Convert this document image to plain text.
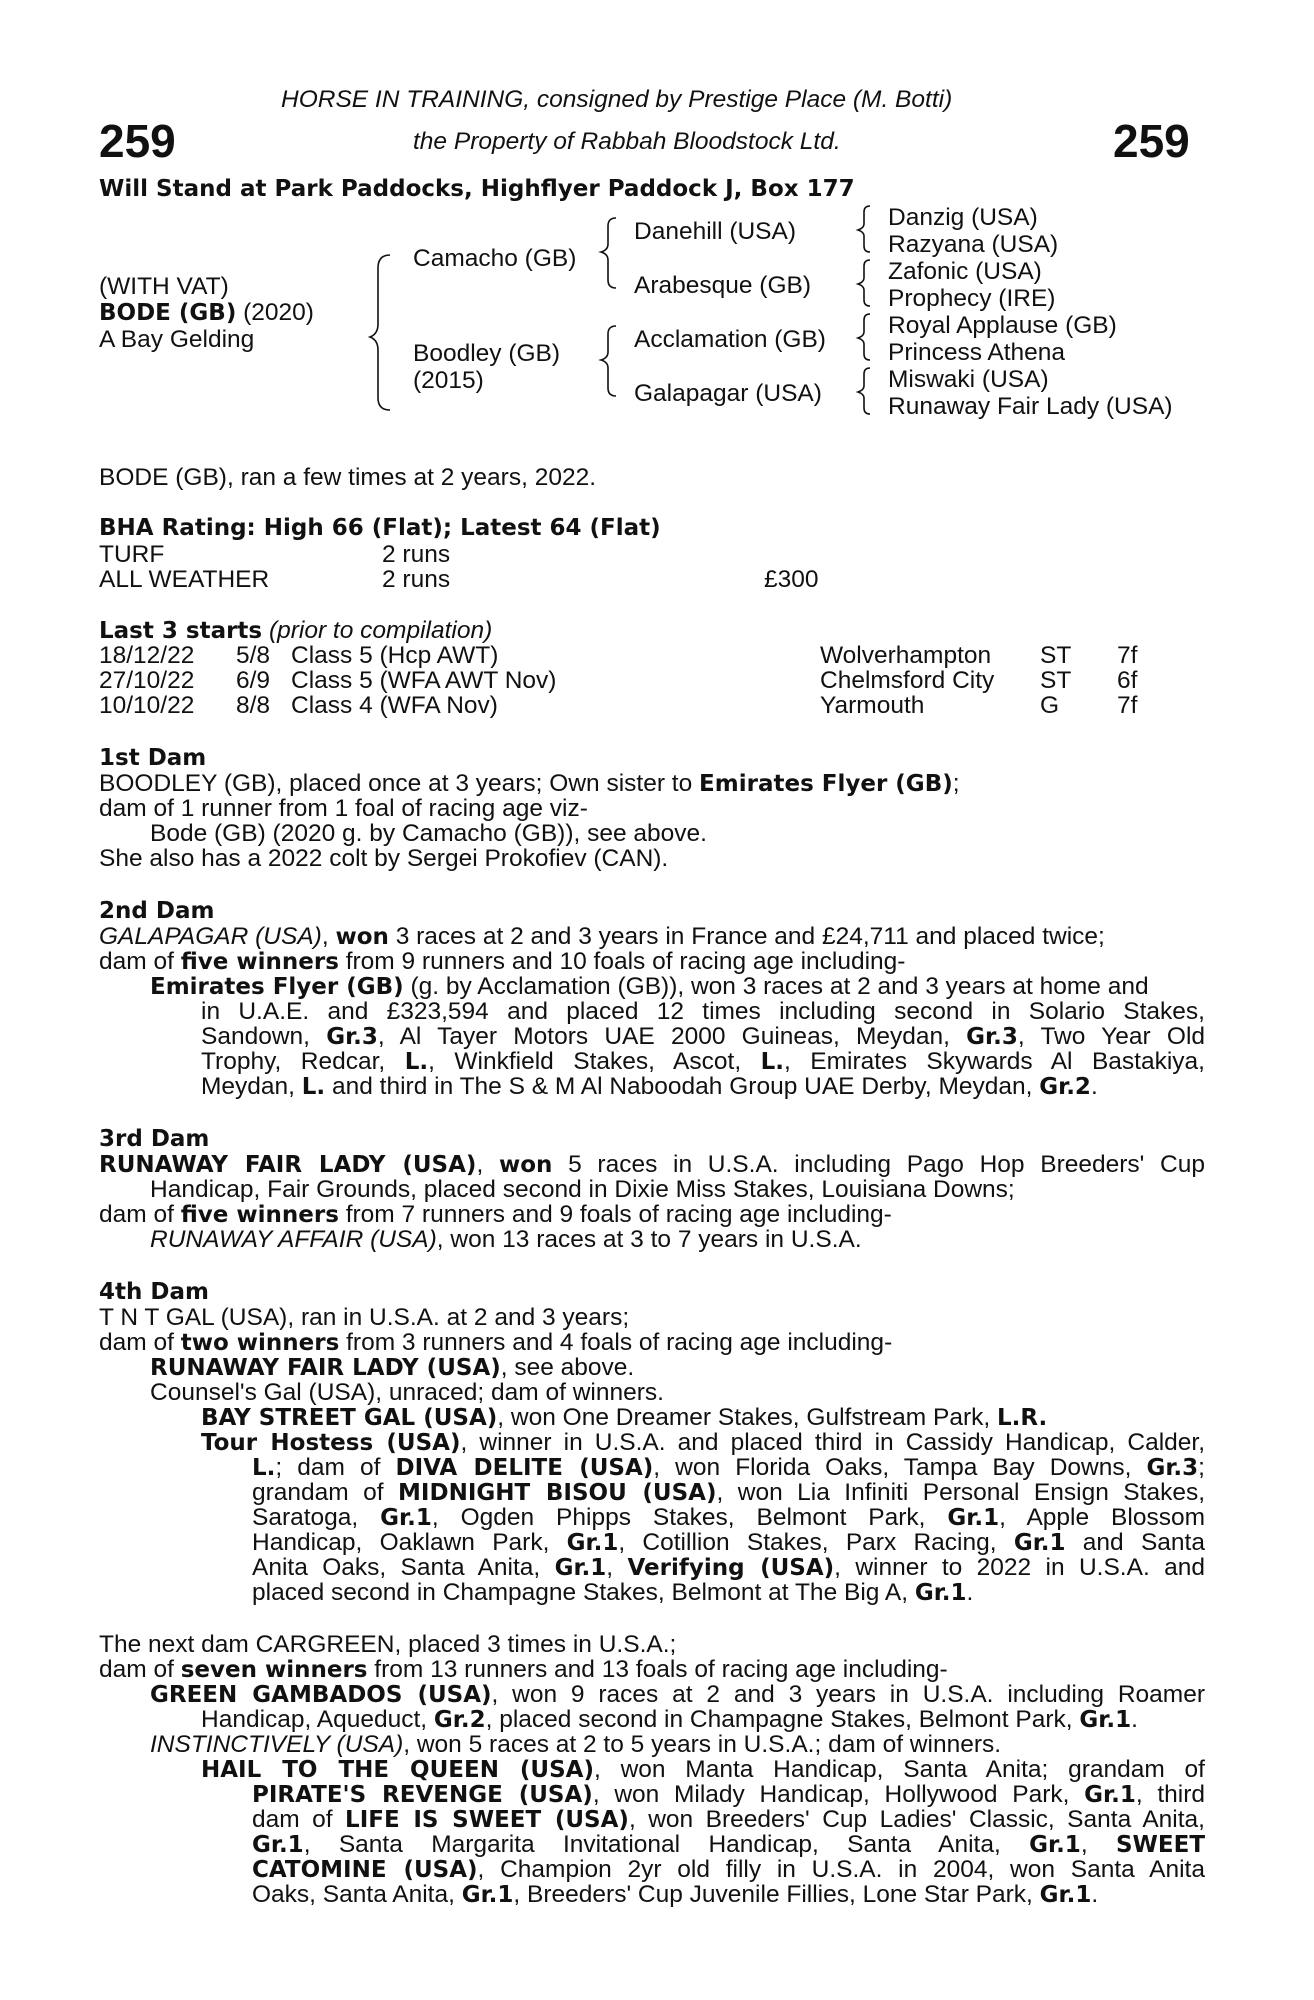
259	259
HORSE IN TRAINING, consigned by Prestige Place (M. Botti)
the Property of Rabbah Bloodstock Ltd.
Will Stand at Park Paddocks, Highflyer Paddock J, Box 177
(WITH VAT)
BODE (GB) (2020)
A Bay Gelding
Camacho (GB)
Boodley (GB)
(2015)
Danehill (USA)
Arabesque (GB)
Acclamation (GB)
Galapagar (USA)
Danzig (USA)
Razyana (USA)
Zafonic (USA)
Prophecy (IRE)
Royal Applause (GB)
Princess Athena
Miswaki (USA)
Runaway Fair Lady (USA)
BODE (GB), ran a few times at 2 years, 2022.
BHA Rating: High 66 (Flat); Latest 64 (Flat)
TURF	2 runs
ALL WEATHER	2 runs	£300
Last 3 starts (prior to compilation)
18/12/22 5/8 Class 5 (Hcp AWT)	Wolverhampton ST 7f
27/10/22 6/9 Class 5 (WFA AWT Nov)	Chelmsford City ST 6f
10/10/22 8/8 Class 4 (WFA Nov)	Yarmouth	G 7f
1st Dam
BOODLEY (GB), placed once at 3 years; Own sister to Emirates Flyer (GB);
dam of 1 runner from 1 foal of racing age viz-
Bode (GB) (2020 g. by Camacho (GB)), see above.
She also has a 2022 colt by Sergei Prokofiev (CAN).
2nd Dam
GALAPAGAR (USA), won 3 races at 2 and 3 years in France and £24,711 and placed twice;
dam of five winners from 9 runners and 10 foals of racing age including-
Emirates Flyer (GB) (g. by Acclamation (GB)), won 3 races at 2 and 3 years at home and
in U.A.E. and £323,594 and placed 12 times including second in Solario Stakes,
Sandown, Gr.3, Al Tayer Motors UAE 2000 Guineas, Meydan, Gr.3, Two Year Old
Trophy, Redcar, L., Winkfield Stakes, Ascot, L., Emirates Skywards Al Bastakiya,
Meydan, L. and third in The S & M Al Naboodah Group UAE Derby, Meydan, Gr.2.
3rd Dam
RUNAWAY FAIR LADY (USA), won 5 races in U.S.A. including Pago Hop Breeders' Cup
Handicap, Fair Grounds, placed second in Dixie Miss Stakes, Louisiana Downs;
dam of five winners from 7 runners and 9 foals of racing age including-
RUNAWAY AFFAIR (USA), won 13 races at 3 to 7 years in U.S.A.
4th Dam
T N T GAL (USA), ran in U.S.A. at 2 and 3 years;
dam of two winners from 3 runners and 4 foals of racing age including-
RUNAWAY FAIR LADY (USA), see above.
Counsel's Gal (USA), unraced; dam of winners.
BAY STREET GAL (USA), won One Dreamer Stakes, Gulfstream Park, L.R.
Tour Hostess (USA), winner in U.S.A. and placed third in Cassidy Handicap, Calder,
L.; dam of DIVA DELITE (USA), won Florida Oaks, Tampa Bay Downs, Gr.3;
grandam of MIDNIGHT BISOU (USA), won Lia Infiniti Personal Ensign Stakes,
Saratoga, Gr.1, Ogden Phipps Stakes, Belmont Park, Gr.1, Apple Blossom
Handicap, Oaklawn Park, Gr.1, Cotillion Stakes, Parx Racing, Gr.1 and Santa
Anita Oaks, Santa Anita, Gr.1, Verifying (USA), winner to 2022 in U.S.A. and
placed second in Champagne Stakes, Belmont at The Big A, Gr.1.
The next dam CARGREEN, placed 3 times in U.S.A.;
dam of seven winners from 13 runners and 13 foals of racing age including-
GREEN GAMBADOS (USA), won 9 races at 2 and 3 years in U.S.A. including Roamer
Handicap, Aqueduct, Gr.2, placed second in Champagne Stakes, Belmont Park, Gr.1.
INSTINCTIVELY (USA), won 5 races at 2 to 5 years in U.S.A.; dam of winners.
HAIL TO THE QUEEN (USA), won Manta Handicap, Santa Anita; grandam of
PIRATE'S REVENGE (USA), won Milady Handicap, Hollywood Park, Gr.1, third
dam of LIFE IS SWEET (USA), won Breeders' Cup Ladies' Classic, Santa Anita,
Gr.1, Santa Margarita Invitational Handicap, Santa Anita, Gr.1, SWEET
CATOMINE (USA), Champion 2yr old filly in U.S.A. in 2004, won Santa Anita
Oaks, Santa Anita, Gr.1, Breeders' Cup Juvenile Fillies, Lone Star Park, Gr.1.
